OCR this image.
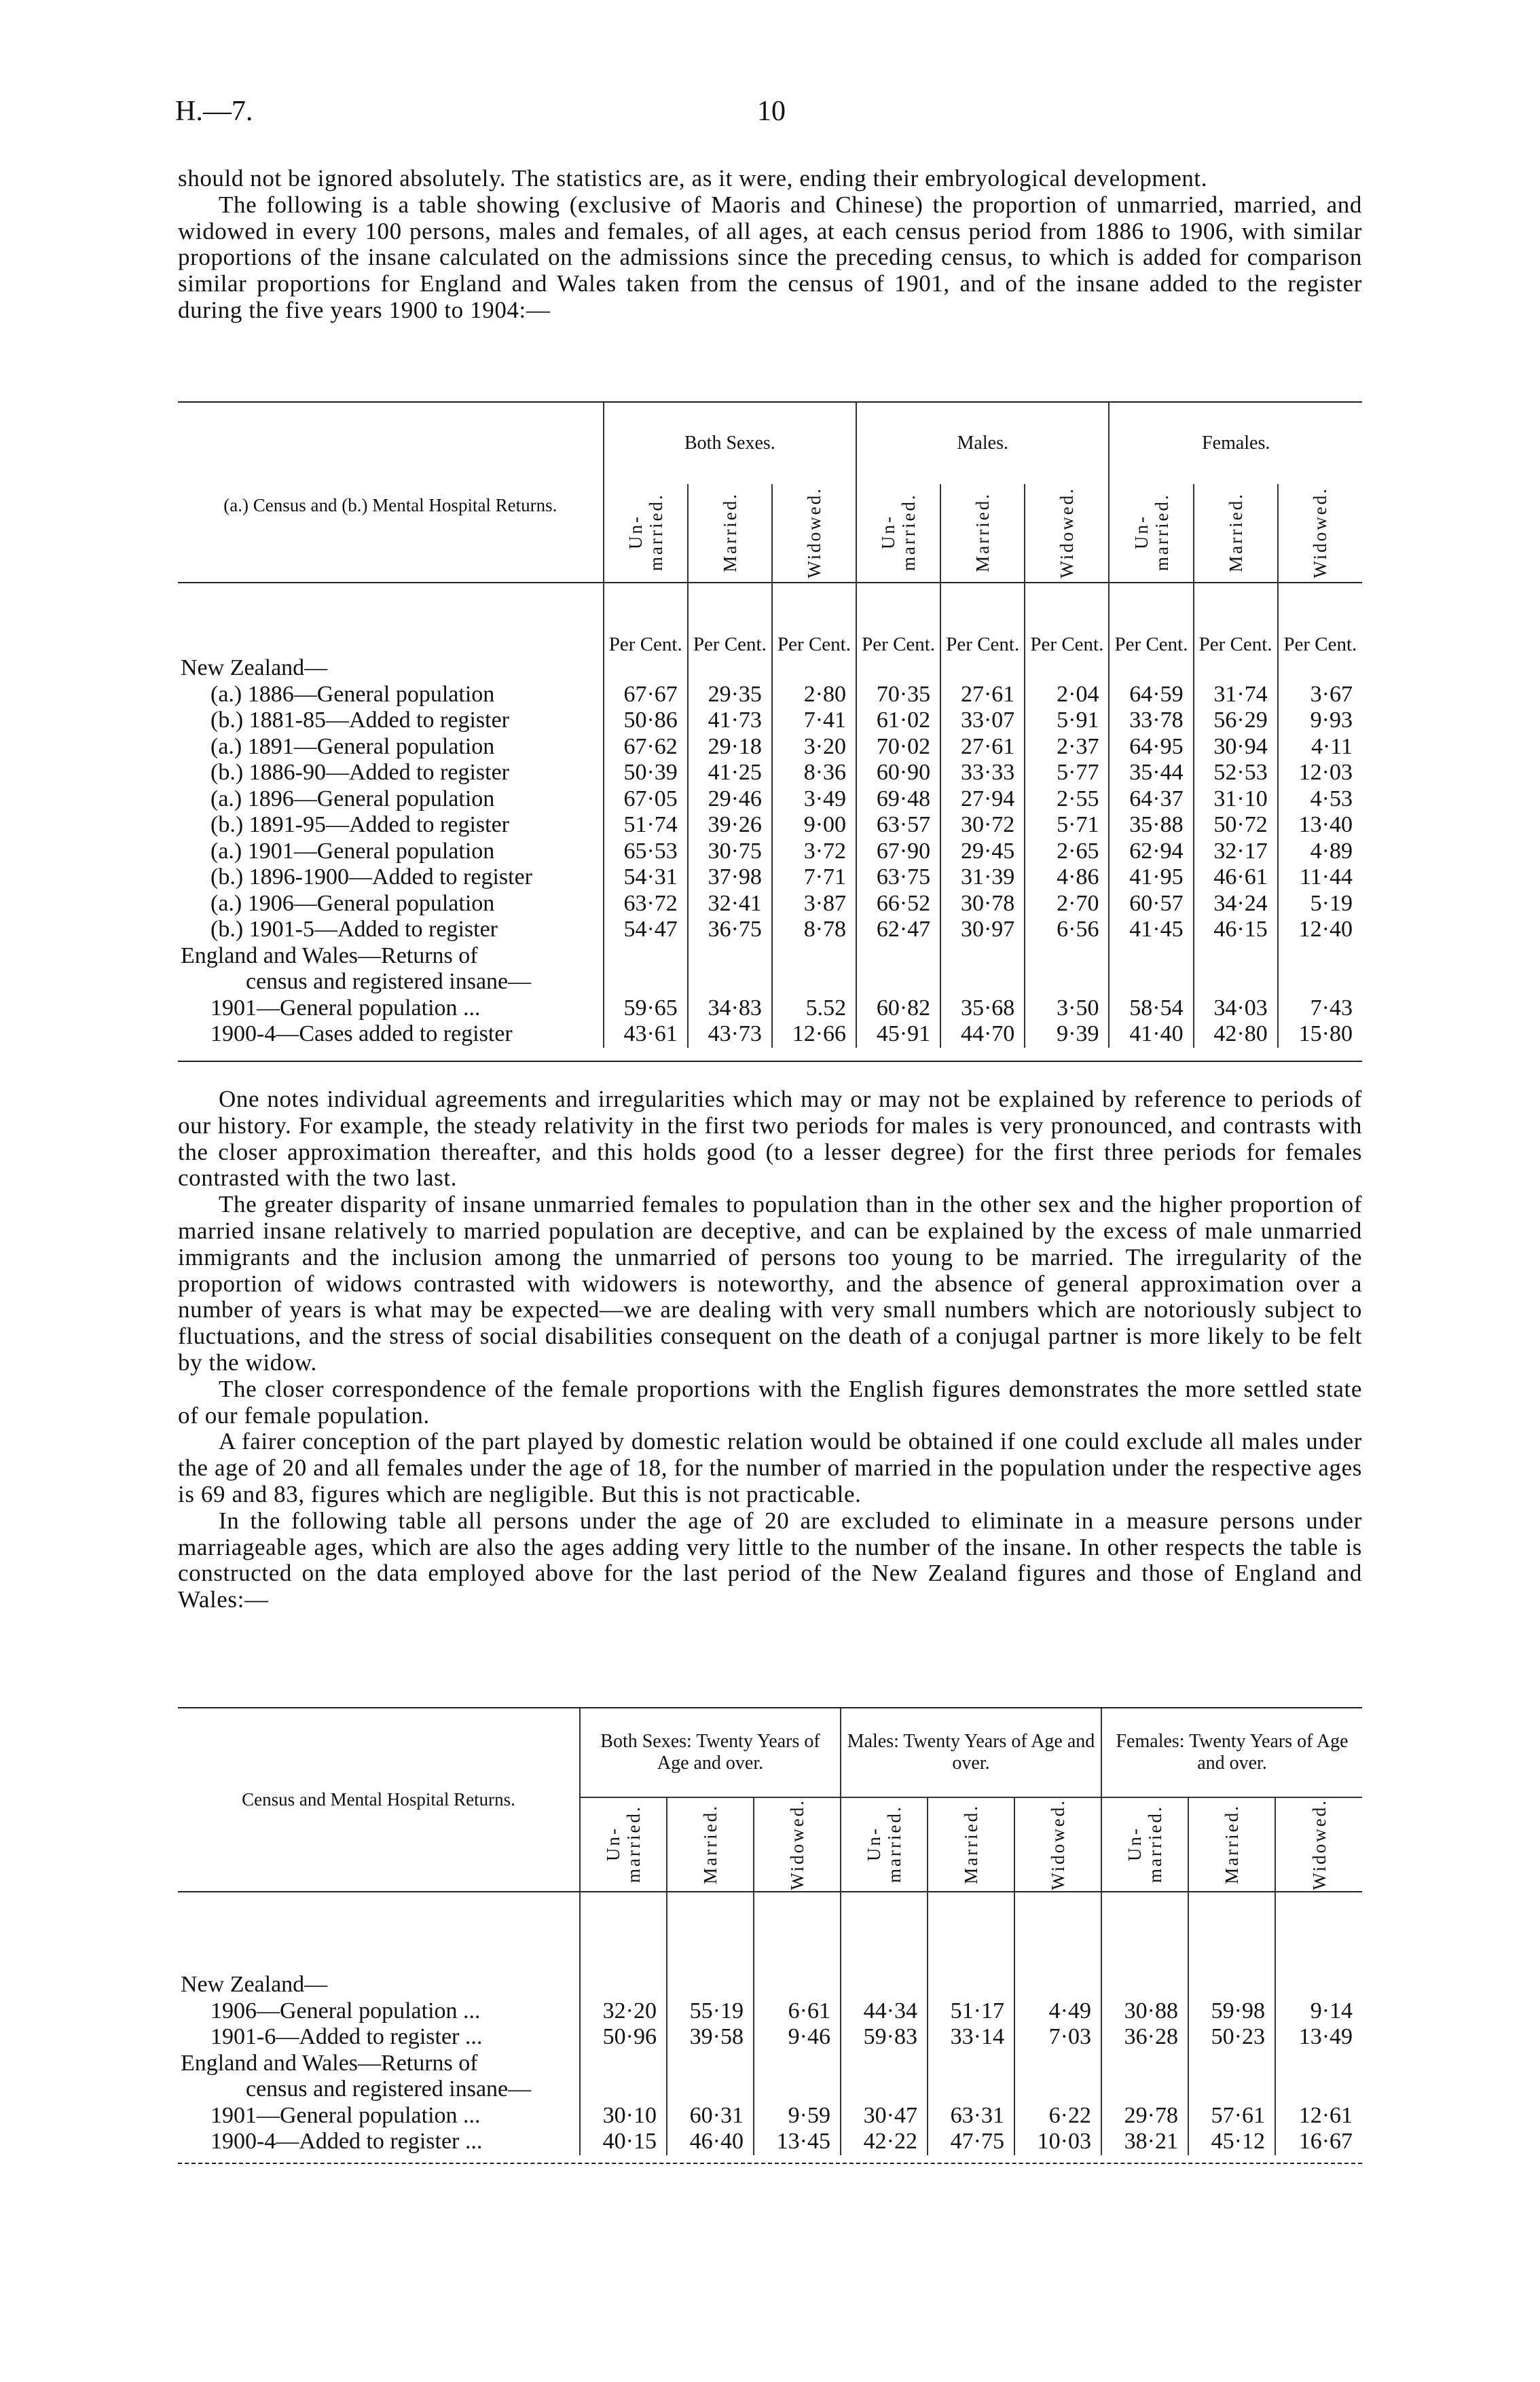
H.—7.	10

should not be ignored absolutely. The statistics are, as it were, ending their embryological development.

The following is a table showing (exclusive of Maoris and Chinese) the proportion of unmarried, married, and widowed in every 100 persons, males and females, of all ages, at each census period from 1886 to 1906, with similar proportions of the insane calculated on the admissions since the preceding census, to which is added for comparison similar proportions for England and Wales taken from the census of 1901, and of the insane added to the register during the five years 1900 to 1904:—

(a.) Census and (b.) Mental Hospital Returns.	Both Sexes.			Males.			Females.		

	Un-married.	Married.	Widowed.	Un-married.	Married.	Widowed.	Un-married.	Married.	Widowed.

	Per Cent.	Per Cent.	Per Cent.	Per Cent.	Per Cent.	Per Cent.	Per Cent.	Per Cent.	Per Cent.
New Zealand—									
(a.) 1886—General population	67·67	29·35	2·80	70·35	27·61	2·04	64·59	31·74	3·67
(b.) 1881-85—Added to register	50·86	41·73	7·41	61·02	33·07	5·91	33·78	56·29	9·93
(a.) 1891—General population	67·62	29·18	3·20	70·02	27·61	2·37	64·95	30·94	4·11
(b.) 1886-90—Added to register	50·39	41·25	8·36	60·90	33·33	5·77	35·44	52·53	12·03
(a.) 1896—General population	67·05	29·46	3·49	69·48	27·94	2·55	64·37	31·10	4·53
(b.) 1891-95—Added to register	51·74	39·26	9·00	63·57	30·72	5·71	35·88	50·72	13·40
(a.) 1901—General population	65·53	30·75	3·72	67·90	29·45	2·65	62·94	32·17	4·89
(b.) 1896-1900—Added to register	54·31	37·98	7·71	63·75	31·39	4·86	41·95	46·61	11·44
(a.) 1906—General population	63·72	32·41	3·87	66·52	30·78	2·70	60·57	34·24	5·19
(b.) 1901-5—Added to register	54·47	36·75	8·78	62·47	30·97	6·56	41·45	46·15	12·40
England and Wales—Returns of									
census and registered insane—									
1901—General population ...	59·65	34·83	5.52	60·82	35·68	3·50	58·54	34·03	7·43
1900-4—Cases added to register	43·61	43·73	12·66	45·91	44·70	9·39	41·40	42·80	15·80

One notes individual agreements and irregularities which may or may not be explained by reference to periods of our history. For example, the steady relativity in the first two periods for males is very pronounced, and contrasts with the closer approximation thereafter, and this holds good (to a lesser degree) for the first three periods for females contrasted with the two last.

The greater disparity of insane unmarried females to population than in the other sex and the higher proportion of married insane relatively to married population are deceptive, and can be explained by the excess of male unmarried immigrants and the inclusion among the unmarried of persons too young to be married. The irregularity of the proportion of widows contrasted with widowers is noteworthy, and the absence of general approximation over a number of years is what may be expected—we are dealing with very small numbers which are notoriously subject to fluctuations, and the stress of social disabilities consequent on the death of a conjugal partner is more likely to be felt by the widow.

The closer correspondence of the female proportions with the English figures demonstrates the more settled state of our female population.

A fairer conception of the part played by domestic relation would be obtained if one could exclude all males under the age of 20 and all females under the age of 18, for the number of married in the population under the respective ages is 69 and 83, figures which are negligible. But this is not practicable.

In the following table all persons under the age of 20 are excluded to eliminate in a measure persons under marriageable ages, which are also the ages adding very little to the number of the insane. In other respects the table is constructed on the data employed above for the last period of the New Zealand figures and those of England and Wales:—

Census and Mental Hospital Returns.	Both Sexes: Twenty Years of Age and over.			Males: Twenty Years of Age and over.			Females: Twenty Years of Age and over.		

	Un-married.	Married.	Widowed.	Un-married.	Married.	Widowed.	Un-married.	Married.	Widowed.

New Zealand—									
1906—General population ...	32·20	55·19	6·61	44·34	51·17	4·49	30·88	59·98	9·14
1901-6—Added to register ...	50·96	39·58	9·46	59·83	33·14	7·03	36·28	50·23	13·49
England and Wales—Returns of									
census and registered insane—									
1901—General population ...	30·10	60·31	9·59	30·47	63·31	6·22	29·78	57·61	12·61
1900-4—Added to register ...	40·15	46·40	13·45	42·22	47·75	10·03	38·21	45·12	16·67
